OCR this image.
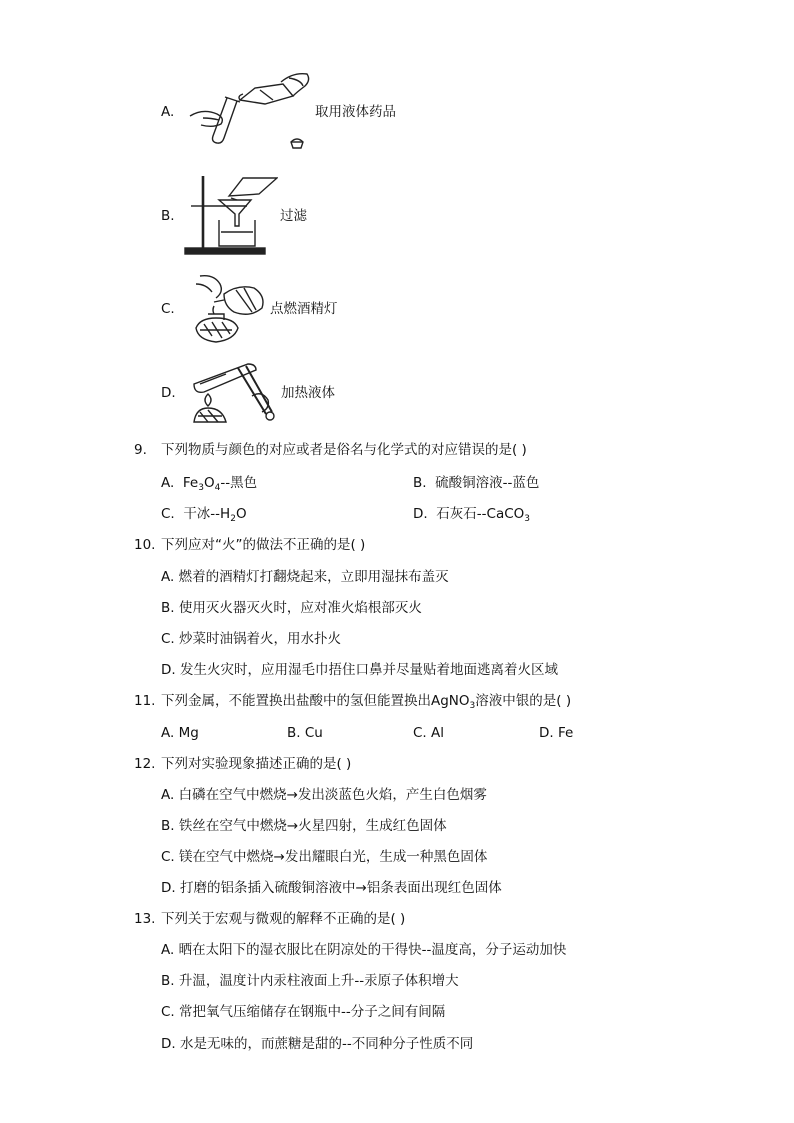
A.	取用液体药品
B.	过滤
C.	点燃酒精灯
D.	加热液体
9. 下列物质与颜色的对应或者是俗名与化学式的对应错误的是( )
A. $Fe_3O_4--$黑色	B. 硫酸铜溶液--蓝色
C. 干冰$--H_2O$	D. 石灰石--CaCO$_3$
10. 下列应对“火”的做法不正确的是( )
A. 燃着的酒精灯打翻烧起来，立即用湿抹布盖灭
B. 使用灭火器灭火时，应对准火焰根部灭火
C. 炒菜时油锅着火，用水扑火
D. 发生火灾时，应用湿毛巾捂住口鼻并尽量贴着地面逃离着火区域
11. 下列金属，不能置换出盐酸中的氢但能置换出AgNO$_3$溶液中银的是( )
A. Mg	B. Cu	C. Al	D. Fe
12. 下列对实验现象描述正确的是( )
A. 白磷在空气中燃烧→发出淡蓝色火焰，产生白色烟雾
B. 铁丝在空气中燃烧→火星四射，生成红色固体
C. 镁在空气中燃烧→发出耀眼白光，生成一种黑色固体
D. 打磨的铝条插入硫酸铜溶液中→铝条表面出现红色固体
13. 下列关于宏观与微观的解释不正确的是( )
A. 晒在太阳下的湿衣服比在阴凉处的干得快--温度高，分子运动加快
B. 升温，温度计内汞柱液面上升--汞原子体积增大
C. 常把氧气压缩储存在钢瓶中--分子之间有间隔
D. 水是无味的，而蔗糖是甜的--不同种分子性质不同
